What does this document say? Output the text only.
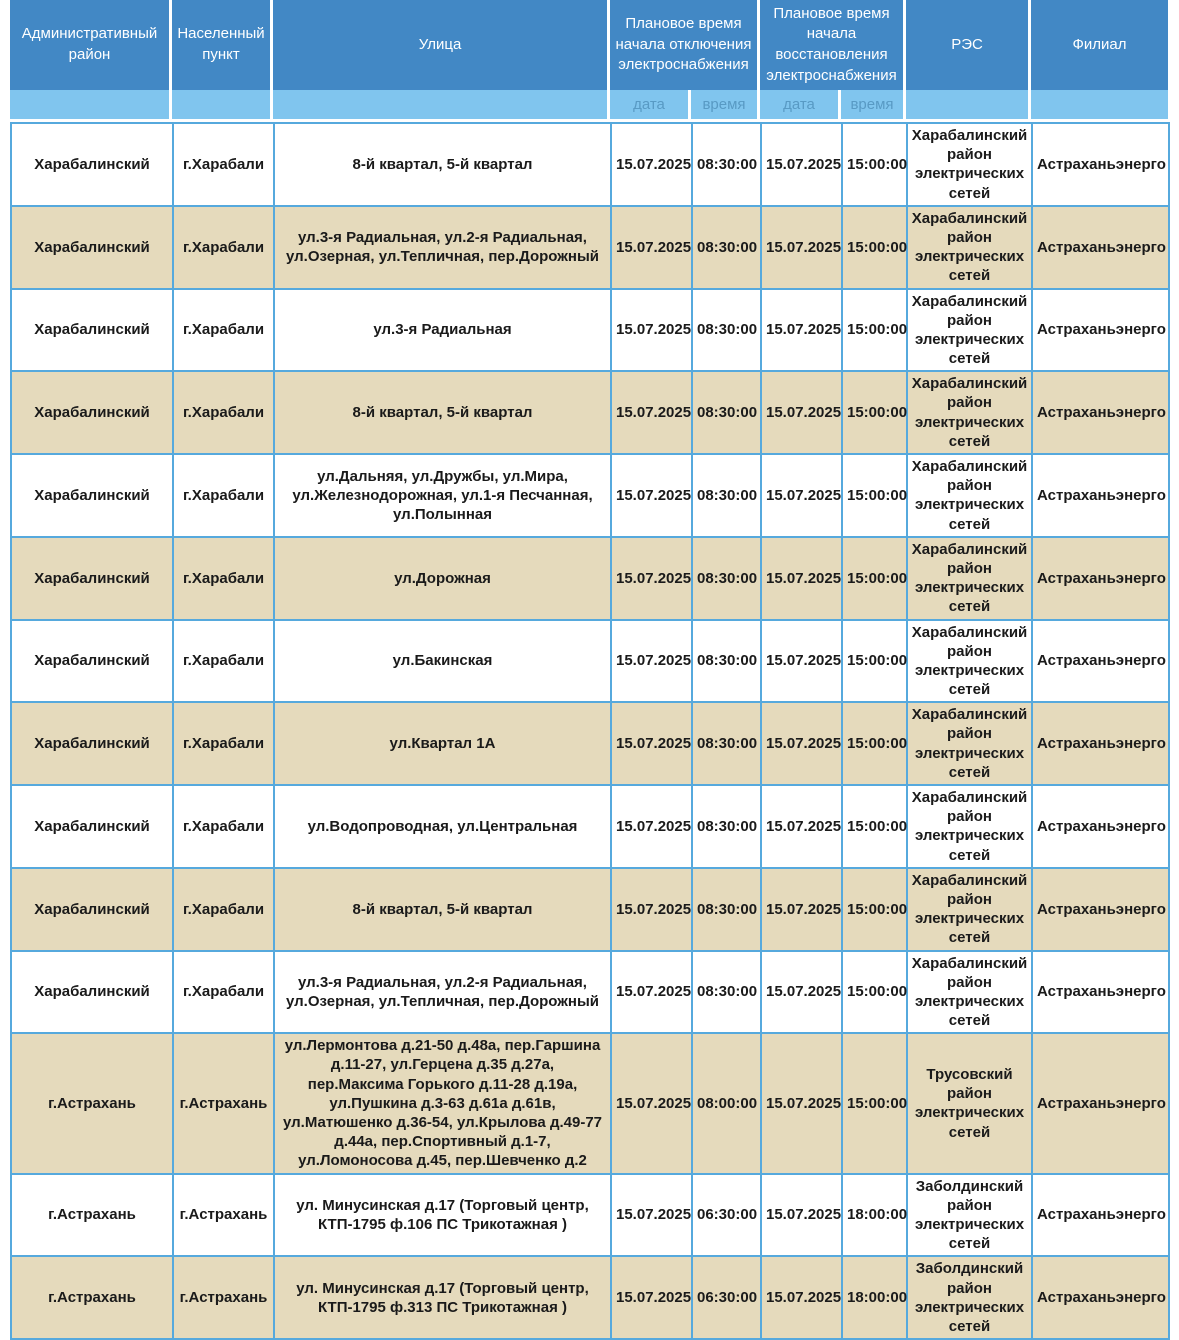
Административный район	Населенный пункт	Улица	Плановое время начала отключения электроснабжения		Плановое время начала восстановления электроснабжения		РЭС	Филиал
			дата	время	дата	время		
Харабалинский	г.Харабали	8-й квартал, 5-й квартал	15.07.2025	08:30:00	15.07.2025	15:00:00	Харабалинский район электрических сетей	Астраханьэнерго
Харабалинский	г.Харабали	ул.3-я Радиальная, ул.2-я Радиальная, ул.Озерная, ул.Тепличная, пер.Дорожный	15.07.2025	08:30:00	15.07.2025	15:00:00	Харабалинский район электрических сетей	Астраханьэнерго
Харабалинский	г.Харабали	ул.3-я Радиальная	15.07.2025	08:30:00	15.07.2025	15:00:00	Харабалинский район электрических сетей	Астраханьэнерго
Харабалинский	г.Харабали	8-й квартал, 5-й квартал	15.07.2025	08:30:00	15.07.2025	15:00:00	Харабалинский район электрических сетей	Астраханьэнерго
Харабалинский	г.Харабали	ул.Дальняя, ул.Дружбы, ул.Мира, ул.Железнодорожная, ул.1-я Песчанная, ул.Полынная	15.07.2025	08:30:00	15.07.2025	15:00:00	Харабалинский район электрических сетей	Астраханьэнерго
Харабалинский	г.Харабали	ул.Дорожная	15.07.2025	08:30:00	15.07.2025	15:00:00	Харабалинский район электрических сетей	Астраханьэнерго
Харабалинский	г.Харабали	ул.Бакинская	15.07.2025	08:30:00	15.07.2025	15:00:00	Харабалинский район электрических сетей	Астраханьэнерго
Харабалинский	г.Харабали	ул.Квартал 1А	15.07.2025	08:30:00	15.07.2025	15:00:00	Харабалинский район электрических сетей	Астраханьэнерго
Харабалинский	г.Харабали	ул.Водопроводная, ул.Центральная	15.07.2025	08:30:00	15.07.2025	15:00:00	Харабалинский район электрических сетей	Астраханьэнерго
Харабалинский	г.Харабали	8-й квартал, 5-й квартал	15.07.2025	08:30:00	15.07.2025	15:00:00	Харабалинский район электрических сетей	Астраханьэнерго
Харабалинский	г.Харабали	ул.3-я Радиальная, ул.2-я Радиальная, ул.Озерная, ул.Тепличная, пер.Дорожный	15.07.2025	08:30:00	15.07.2025	15:00:00	Харабалинский район электрических сетей	Астраханьэнерго
г.Астрахань	г.Астрахань	ул.Лермонтова д.21-50 д.48а, пер.Гаршина д.11-27, ул.Герцена д.35 д.27а, пер.Максима Горького д.11-28 д.19а, ул.Пушкина д.3-63 д.61а д.61в, ул.Матюшенко д.36-54, ул.Крылова д.49-77 д.44а, пер.Спортивный д.1-7, ул.Ломоносова д.45, пер.Шевченко д.2	15.07.2025	08:00:00	15.07.2025	15:00:00	Трусовский район электрических сетей	Астраханьэнерго
г.Астрахань	г.Астрахань	ул. Минусинская д.17 (Торговый центр, КТП-1795 ф.106 ПС Трикотажная )	15.07.2025	06:30:00	15.07.2025	18:00:00	Заболдинский район электрических сетей	Астраханьэнерго
г.Астрахань	г.Астрахань	ул. Минусинская д.17 (Торговый центр, КТП-1795 ф.313 ПС Трикотажная )	15.07.2025	06:30:00	15.07.2025	18:00:00	Заболдинский район электрических сетей	Астраханьэнерго
